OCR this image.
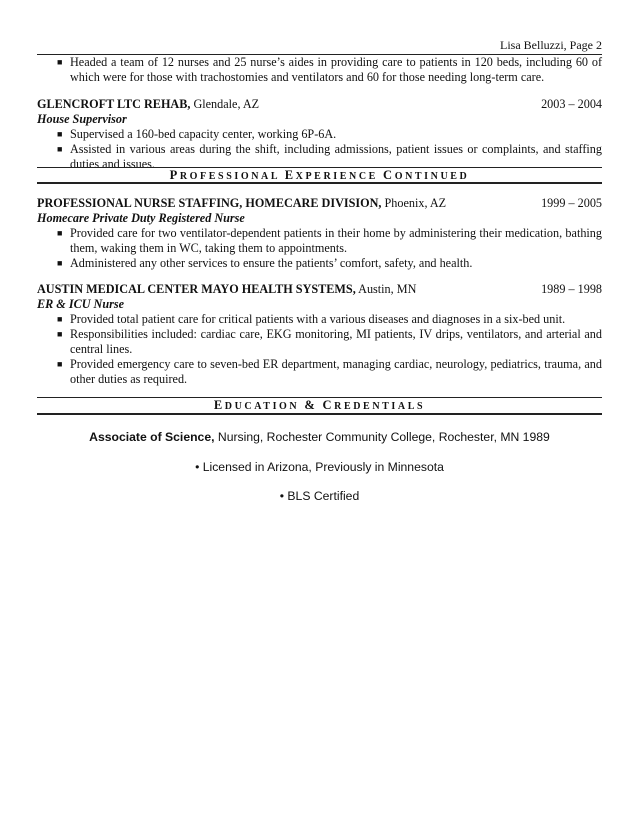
Lisa Belluzzi, Page 2
■ Headed a team of 12 nurses and 25 nurse’s aides in providing care to patients in 120 beds, including 60 of which were for those with trachostomies and ventilators and 60 for those needing long-term care.
GLENCROFT LTC REHAB, Glendale, AZ	2003 – 2004
House Supervisor
■ Supervised a 160-bed capacity center, working 6P-6A.
■ Assisted in various areas during the shift, including admissions, patient issues or complaints, and staffing duties and issues.
PROFESSIONAL EXPERIENCE CONTINUED
PROFESSIONAL NURSE STAFFING, HOMECARE DIVISION, Phoenix, AZ	1999 – 2005
Homecare Private Duty Registered Nurse
■ Provided care for two ventilator-dependent patients in their home by administering their medication, bathing them, waking them in WC, taking them to appointments.
■ Administered any other services to ensure the patients’ comfort, safety, and health.
AUSTIN MEDICAL CENTER MAYO HEALTH SYSTEMS, Austin, MN	1989 – 1998
ER & ICU Nurse
■ Provided total patient care for critical patients with a various diseases and diagnoses in a six-bed unit.
■ Responsibilities included: cardiac care, EKG monitoring, MI patients, IV drips, ventilators, and arterial and central lines.
■ Provided emergency care to seven-bed ER department, managing cardiac, neurology, pediatrics, trauma, and other duties as required.
EDUCATION & CREDENTIALS
Associate of Science, Nursing, Rochester Community College, Rochester, MN 1989
• Licensed in Arizona, Previously in Minnesota
• BLS Certified
